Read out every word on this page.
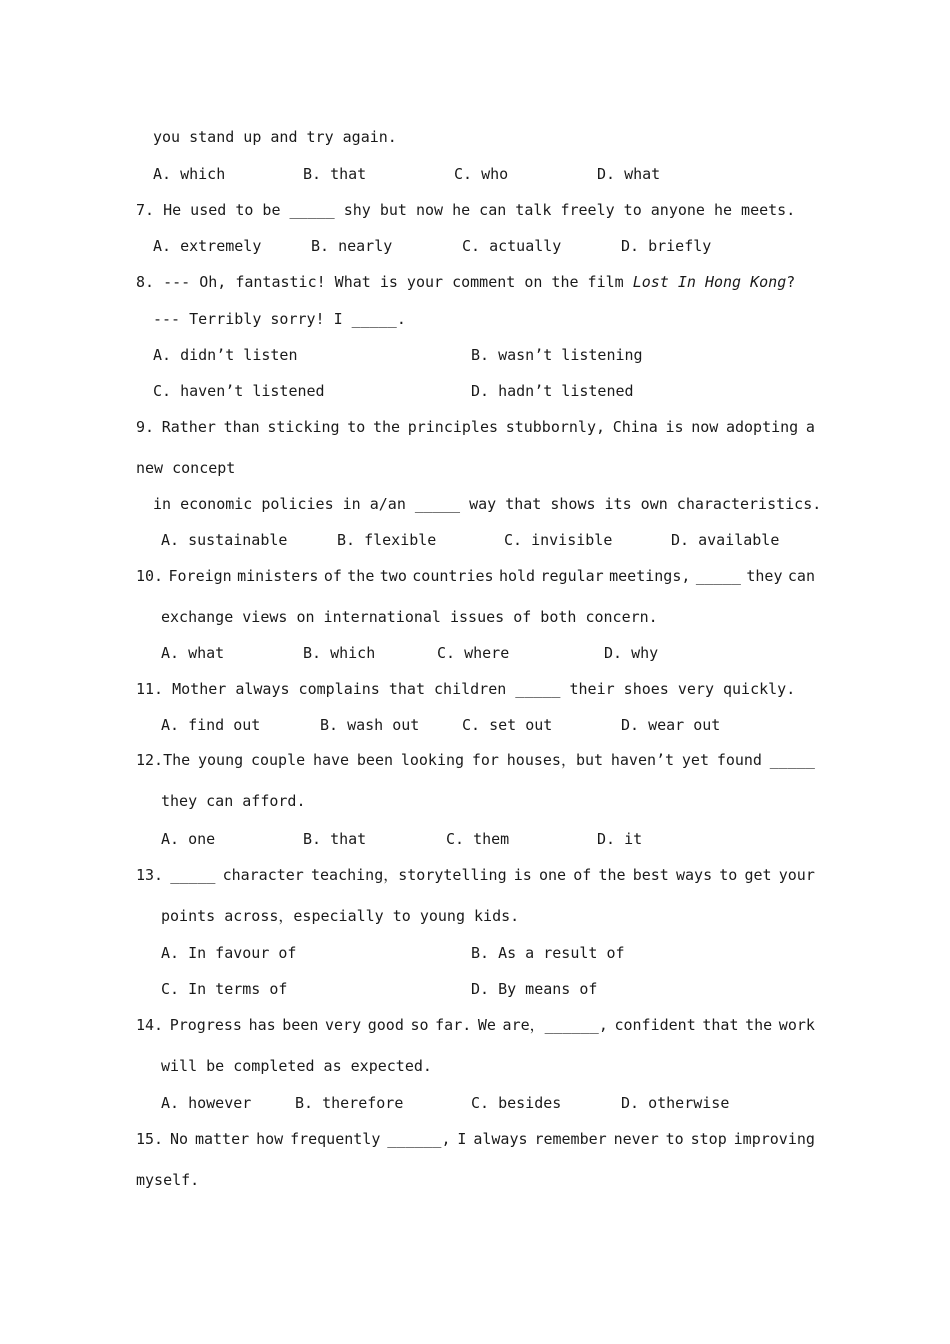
you stand up and try again.
A. which	B. that	C. who	D. what
7. He used to be _____ shy but now he can talk freely to anyone he meets.
A. extremely	B. nearly	C. actually	D. briefly
8. --- Oh, fantastic! What is your comment on the film Lost In Hong Kong?
--- Terribly sorry! I _____.
A. didn’t listen	B. wasn’t listening
C. haven’t listened	D. hadn’t listened
9. Rather than sticking to the principles stubbornly, China is now adopting a
new concept
in economic policies in a/an _____ way that shows its own characteristics.
A. sustainable	B. flexible	C. invisible	D. available
10. Foreign ministers of the two countries hold regular meetings, _____ they can
exchange views on international issues of both concern.
A. what	B. which	C. where	D. why
11. Mother always complains that children _____ their shoes very quickly.
A. find out	B. wash out	C. set out	D. wear out
12.The young couple have been looking for houses，but haven’t yet found _____
they can afford.
A. one	B. that	C. them	D. it
13. _____ character teaching，storytelling is one of the best ways to get your
points across，especially to young kids.
A. In favour of	B. As a result of
C. In terms of	D. By means of
14. Progress has been very good so far. We are，______, confident that the work
will be completed as expected.
A. however	B. therefore	C. besides	D. otherwise
15. No matter how frequently ______, I always remember never to stop improving
myself.
